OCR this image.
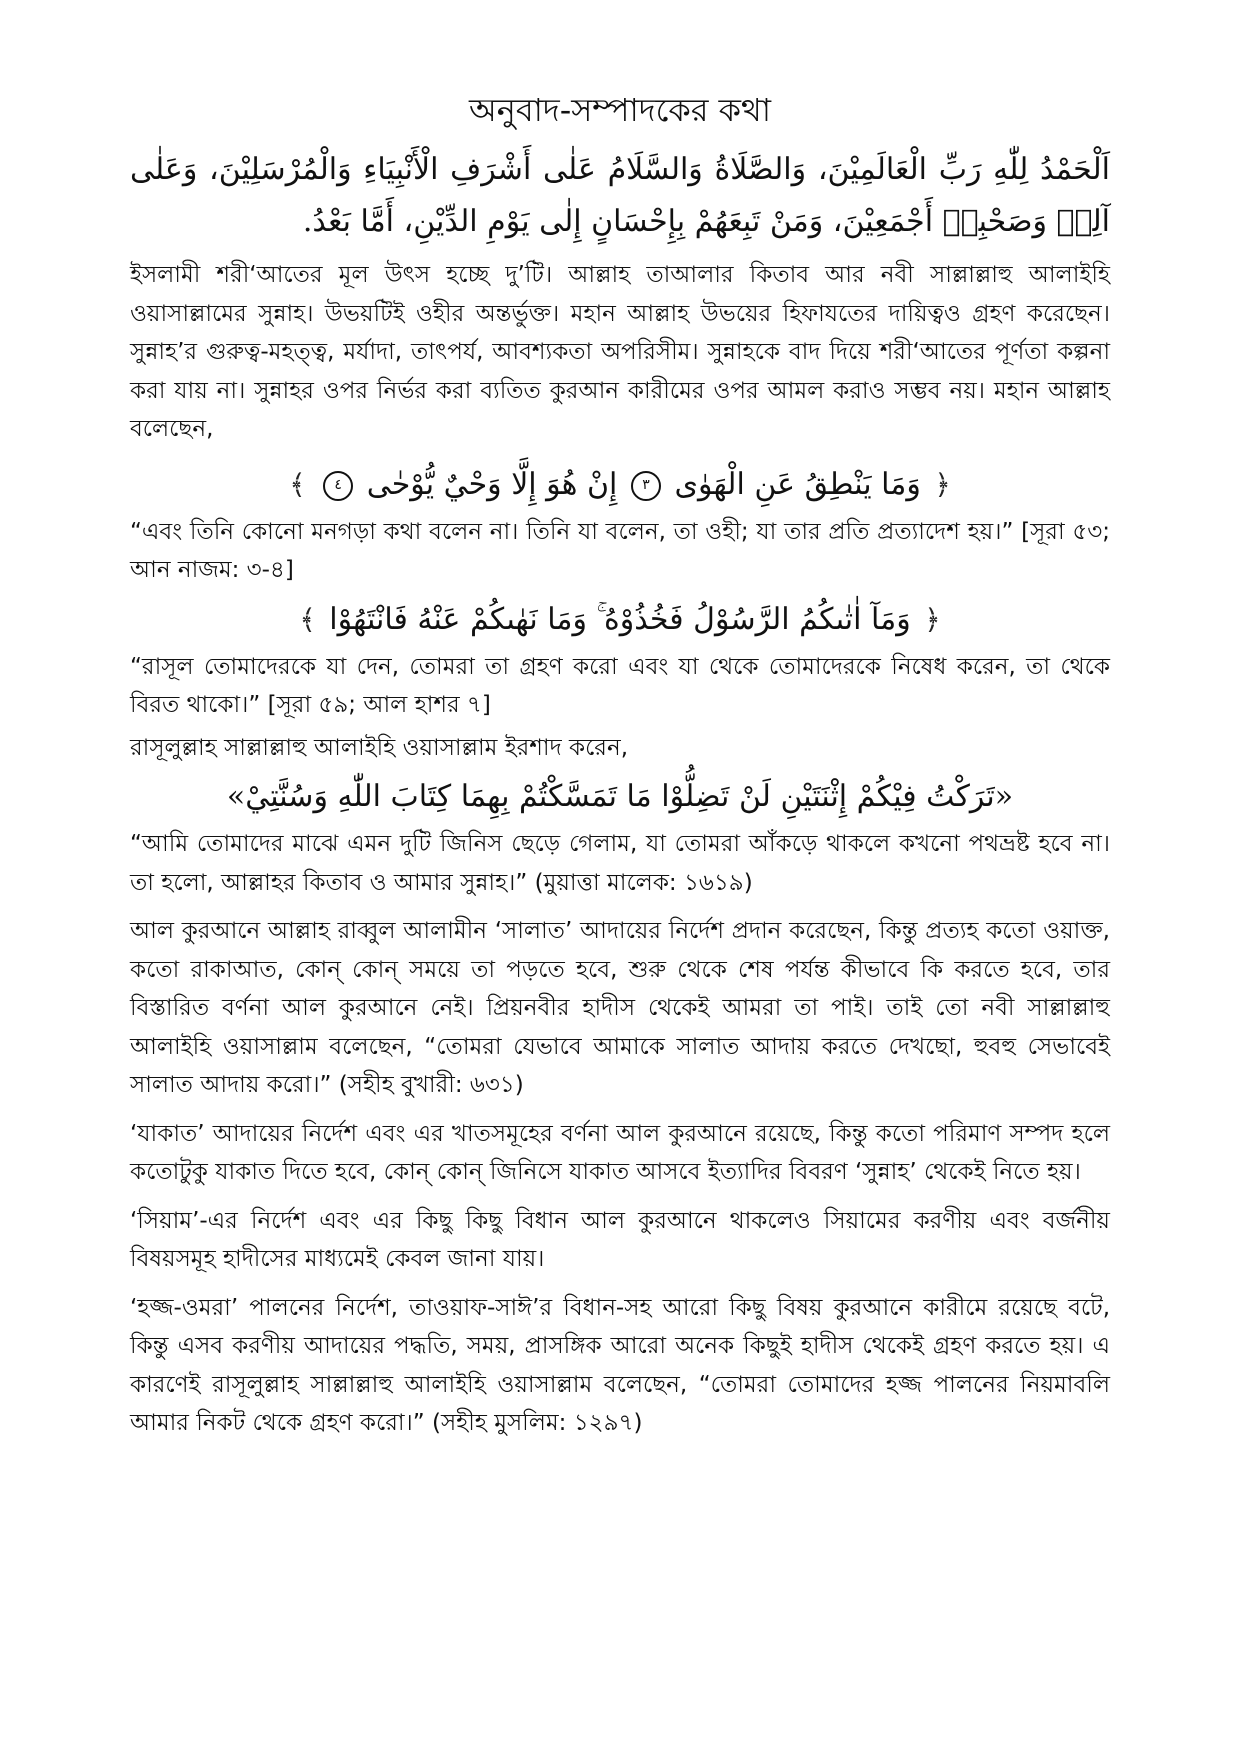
অনুবাদ-সম্পাদকের কথা
اَلْحَمْدُ لِلّٰهِ رَبِّ الْعَالَمِيْنَ، وَالصَّلَاةُ وَالسَّلَامُ عَلٰى أَشْرَفِ الْأَنْبِيَاءِ وَالْمُرْسَلِيْنَ، وَعَلٰى آلِهٖ وَصَحْبِهٖ أَجْمَعِيْنَ، وَمَنْ تَبِعَهُمْ بِإِحْسَانٍ إِلٰى يَوْمِ الدِّيْنِ، أَمَّا بَعْدُ.

ইসলামী শরী‘আতের মূল উৎস হচ্ছে দু’টি। আল্লাহ তাআলার কিতাব আর নবী সাল্লাল্লাহু আলাইহি ওয়াসাল্লামের সুন্নাহ। উভয়টিই ওহীর অন্তর্ভুক্ত। মহান আল্লাহ উভয়ের হিফাযতের দায়িত্বও গ্রহণ করেছেন। সুন্নাহ’র গুরুত্ব-মহত্ত্ব, মর্যাদা, তাৎপর্য, আবশ্যকতা অপরিসীম। সুন্নাহকে বাদ দিয়ে শরী‘আতের পূর্ণতা কল্পনা করা যায় না। সুন্নাহর ওপর নির্ভর করা ব্যতিত কুরআন কারীমের ওপর আমল করাও সম্ভব নয়। মহান আল্লাহ বলেছেন,

﴿ وَمَا يَنْطِقُ عَنِ الْهَوٰى ٣ إِنْ هُوَ إِلَّا وَحْيٌ يُّوْحٰى ٤ ﴾

“এবং তিনি কোনো মনগড়া কথা বলেন না। তিনি যা বলেন, তা ওহী; যা তার প্রতি প্রত্যাদেশ হয়।” [সূরা ৫৩; আন নাজম: ৩-৪]

﴿ وَمَآ اٰتٰىكُمُ الرَّسُوْلُ فَخُذُوْهُ ۚ وَمَا نَهٰىكُمْ عَنْهُ فَانْتَهُوْا ﴾

“রাসূল তোমাদেরকে যা দেন, তোমরা তা গ্রহণ করো এবং যা থেকে তোমাদেরকে নিষেধ করেন, তা থেকে বিরত থাকো।” [সূরা ৫৯; আল হাশর ৭]

রাসূলুল্লাহ সাল্লাল্লাহু আলাইহি ওয়াসাল্লাম ইরশাদ করেন,

«تَرَكْتُ فِيْكُمْ إِثْنَتَيْنِ لَنْ تَضِلُّوْا مَا تَمَسَّكْتُمْ بِهِمَا كِتَابَ اللّٰهِ وَسُنَّتِيْ»

“আমি তোমাদের মাঝে এমন দুটি জিনিস ছেড়ে গেলাম, যা তোমরা আঁকড়ে থাকলে কখনো পথভ্রষ্ট হবে না। তা হলো, আল্লাহর কিতাব ও আমার সুন্নাহ।” (মুয়াত্তা মালেক: ১৬১৯)

আল কুরআনে আল্লাহ রাব্বুল আলামীন ‘সালাত’ আদায়ের নির্দেশ প্রদান করেছেন, কিন্তু প্রত্যহ কতো ওয়াক্ত, কতো রাকাআত, কোন্ কোন্ সময়ে তা পড়তে হবে, শুরু থেকে শেষ পর্যন্ত কীভাবে কি করতে হবে, তার বিস্তারিত বর্ণনা আল কুরআনে নেই। প্রিয়নবীর হাদীস থেকেই আমরা তা পাই। তাই তো নবী সাল্লাল্লাহু আলাইহি ওয়াসাল্লাম বলেছেন, “তোমরা যেভাবে আমাকে সালাত আদায় করতে দেখছো, হুবহু সেভাবেই সালাত আদায় করো।” (সহীহ বুখারী: ৬৩১)

‘যাকাত’ আদায়ের নির্দেশ এবং এর খাতসমূহের বর্ণনা আল কুরআনে রয়েছে, কিন্তু কতো পরিমাণ সম্পদ হলে কতোটুকু যাকাত দিতে হবে, কোন্ কোন্ জিনিসে যাকাত আসবে ইত্যাদির বিবরণ ‘সুন্নাহ’ থেকেই নিতে হয়।

‘সিয়াম’-এর নির্দেশ এবং এর কিছু কিছু বিধান আল কুরআনে থাকলেও সিয়ামের করণীয় এবং বর্জনীয় বিষয়সমূহ হাদীসের মাধ্যমেই কেবল জানা যায়।

‘হজ্জ-ওমরা’ পালনের নির্দেশ, তাওয়াফ-সাঈ’র বিধান-সহ আরো কিছু বিষয় কুরআনে কারীমে রয়েছে বটে, কিন্তু এসব করণীয় আদায়ের পদ্ধতি, সময়, প্রাসঙ্গিক আরো অনেক কিছুই হাদীস থেকেই গ্রহণ করতে হয়। এ কারণেই রাসূলুল্লাহ সাল্লাল্লাহু আলাইহি ওয়াসাল্লাম বলেছেন, “তোমরা তোমাদের হজ্জ পালনের নিয়মাবলি আমার নিকট থেকে গ্রহণ করো।” (সহীহ মুসলিম: ১২৯৭)
